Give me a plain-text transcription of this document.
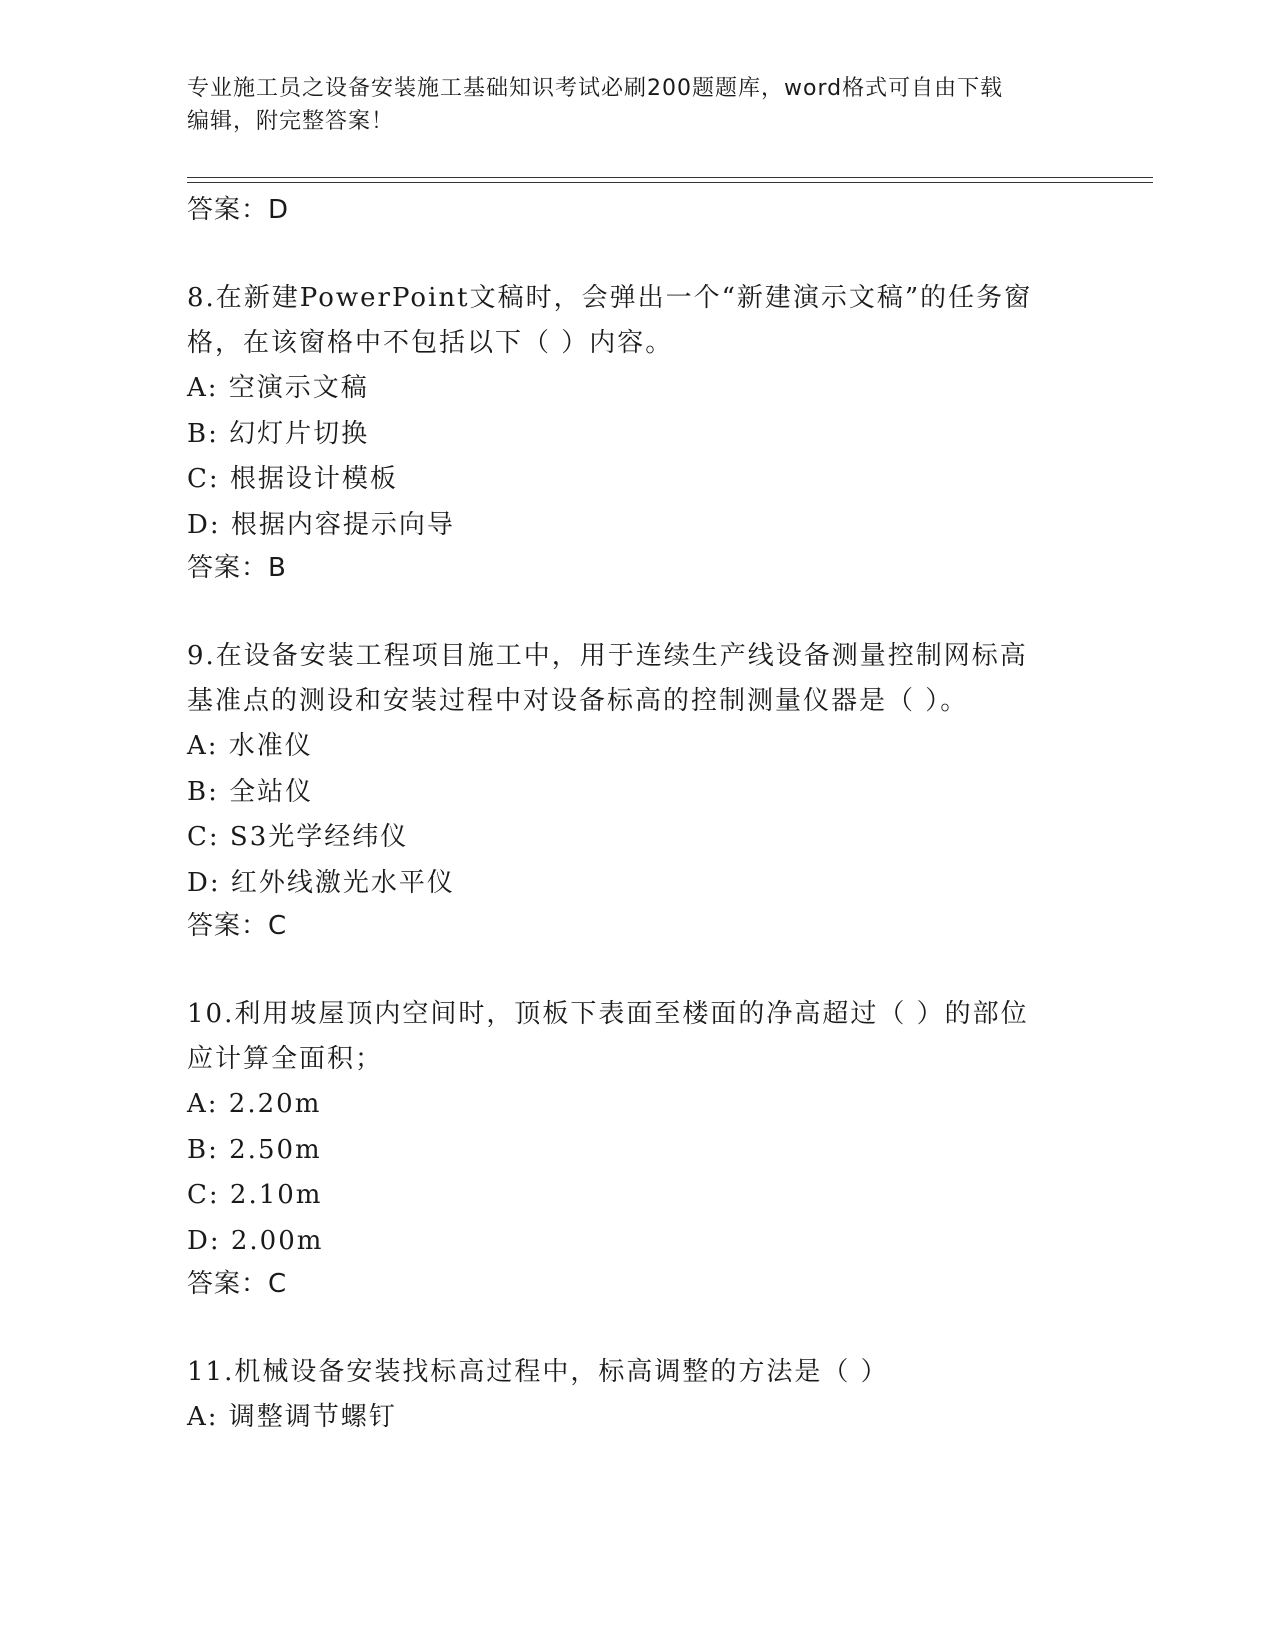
专业施工员之设备安装施工基础知识考试必刷200题题库，word格式可自由下载
编辑，附完整答案！
答案：D
8.在新建PowerPoint文稿时，会弹出一个“新建演示文稿”的任务窗
格，在该窗格中不包括以下（ ）内容。
A: 空演示文稿
B: 幻灯片切换
C: 根据设计模板
D: 根据内容提示向导
答案：B
9.在设备安装工程项目施工中，用于连续生产线设备测量控制网标高
基准点的测设和安装过程中对设备标高的控制测量仪器是（ ）。
A: 水准仪
B: 全站仪
C: S3光学经纬仪
D: 红外线激光水平仪
答案：C
10.利用坡屋顶内空间时，顶板下表面至楼面的净高超过（ ）的部位
应计算全面积；
A: 2.20m
B: 2.50m
C: 2.10m
D: 2.00m
答案：C
11.机械设备安装找标高过程中，标高调整的方法是（ ）
A: 调整调节螺钉
